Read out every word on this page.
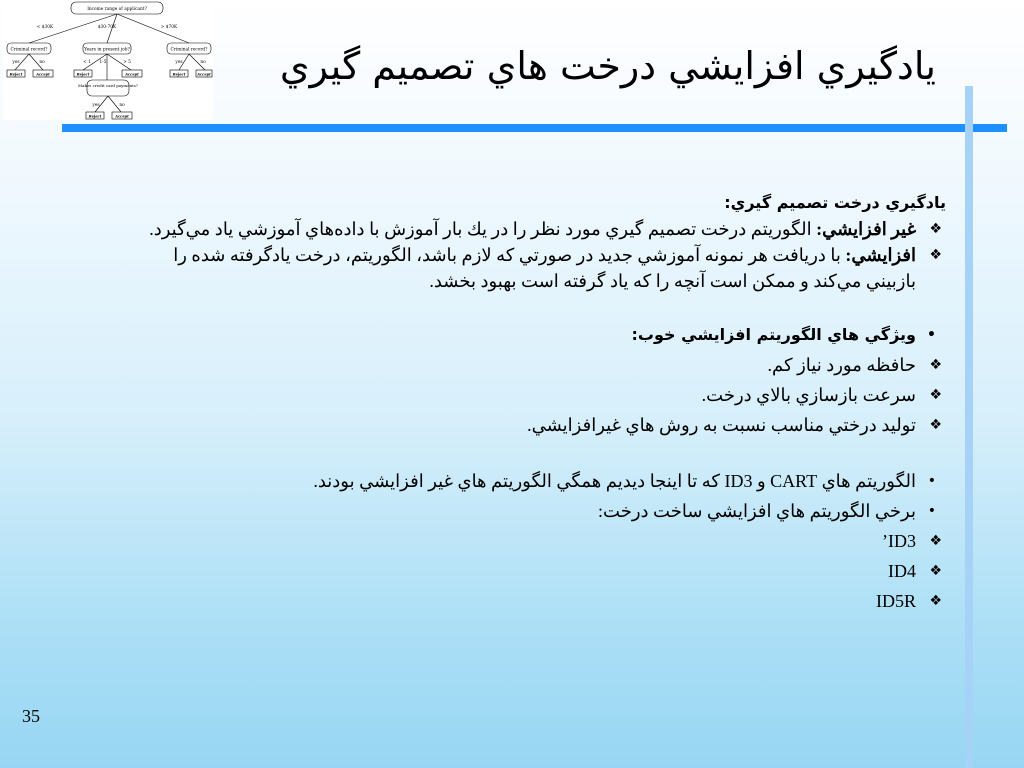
Income range of applicant?
< $30K	$30-70K	> $70K
Criminal record?	Years in present job?	Criminal record?
yes	no	< 1 1-5	> 5	yes	no
Makes credit card payments?
yes	no
Reject	Accept	Reject	Accept	Reject	Accept
Reject	Accept
يادگيري افزايشي درخت هاي تصميم گيري

يادگيري درخت تصميم گيري:

❖
غير افزايشي: الگوريتم درخت تصميم گيري مورد نظر را در يك بار آموزش با داده‌هاي آموزشي ياد مي‌گيرد.

❖
افزايشي: با دريافت هر نمونه آموزشي جديد در صورتي كه لازم باشد، الگوريتم، درخت يادگرفته شده را بازبيني مي‌كند و ممكن است آنچه را كه ياد گرفته است بهبود بخشد.

•
ويژگي هاي الگوريتم افزايشي خوب:

❖
حافظه مورد نياز كم.

❖
سرعت بازسازي بالاي درخت.

❖
توليد درختي مناسب نسبت به روش هاي غيرافزايشي.

•
الگوريتم هاي CART و ID3 كه تا اينجا ديديم همگي الگوريتم هاي غير افزايشي بودند.

•
برخي الگوريتم هاي افزايشي ساخت درخت:

❖
ID3’

❖
ID4

❖
ID5R

35
